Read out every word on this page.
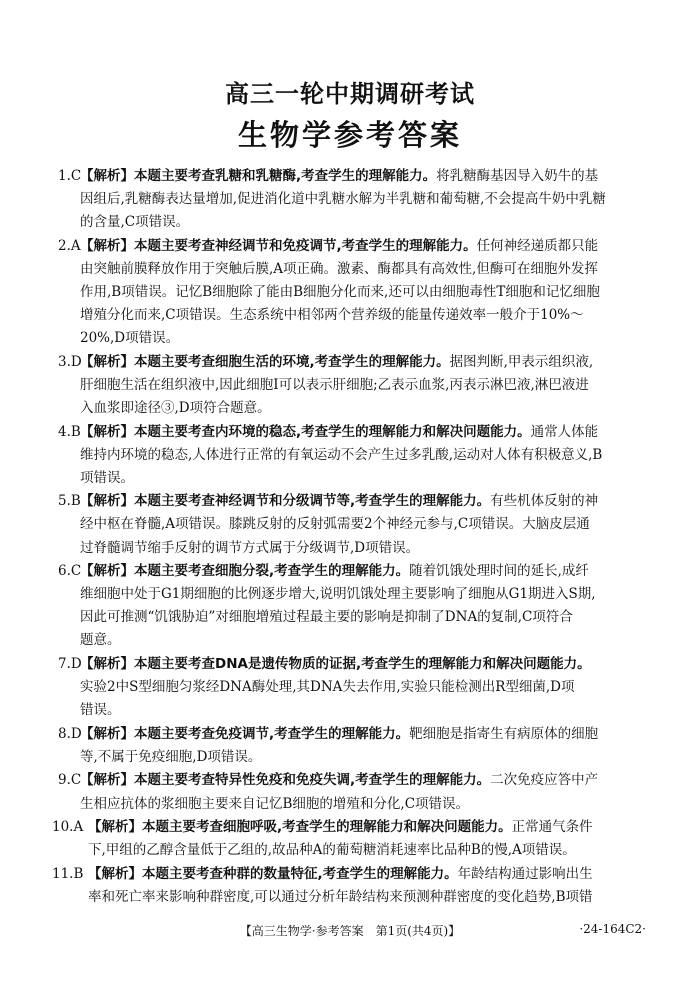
高三一轮中期调研考试
生物学参考答案
1.C
【解析】本题主要考查乳糖和乳糖酶,考查学生的理解能力。将乳糖酶基因导入奶牛的基
因组后,乳糖酶表达量增加,促进消化道中乳糖水解为半乳糖和葡萄糖,不会提高牛奶中乳糖
的含量,C项错误。
2.A 【解析】本题主要考查神经调节和免疫调节,考查学生的理解能力。任何神经递质都只能
由突触前膜释放作用于突触后膜,A项正确。激素、酶都具有高效性,但酶可在细胞外发挥
作用,B项错误。记忆B细胞除了能由B细胞分化而来,还可以由细胞毒性T细胞和记忆细胞
增殖分化而来,C项错误。生态系统中相邻两个营养级的能量传递效率一般介于10%～
20%,D项错误。
3.D
【解析】本题主要考查细胞生活的环境,考查学生的理解能力。据图判断,甲表示组织液,
肝细胞生活在组织液中,因此细胞Ⅰ可以表示肝细胞;乙表示血浆,丙表示淋巴液,淋巴液进
入血浆即途径③,D项符合题意。
4.B 【解析】本题主要考查内环境的稳态,考查学生的理解能力和解决问题能力。通常人体能
维持内环境的稳态,人体进行正常的有氧运动不会产生过多乳酸,运动对人体有积极意义,B
项错误。
5.B 【解析】本题主要考查神经调节和分级调节等,考查学生的理解能力。有些机体反射的神
经中枢在脊髓,A项错误。膝跳反射的反射弧需要2个神经元参与,C项错误。大脑皮层通
过脊髓调节缩手反射的调节方式属于分级调节,D项错误。
6.C
【解析】本题主要考查细胞分裂,考查学生的理解能力。随着饥饿处理时间的延长,成纤
维细胞中处于G1期细胞的比例逐步增大,说明饥饿处理主要影响了细胞从G1期进入S期,
因此可推测“饥饿胁迫”对细胞增殖过程最主要的影响是抑制了DNA的复制,C项符合
题意。
7.D
【解析】本题主要考查DNA是遗传物质的证据,考查学生的理解能力和解决问题能力。
实验2中S型细胞匀浆经DNA酶处理,其DNA失去作用,实验只能检测出R型细菌,D项
错误。
8.D
【解析】本题主要考查免疫调节,考查学生的理解能力。靶细胞是指寄生有病原体的细胞
等,不属于免疫细胞,D项错误。
9.C
【解析】本题主要考查特异性免疫和免疫失调,考查学生的理解能力。二次免疫应答中产
生相应抗体的浆细胞主要来自记忆B细胞的增殖和分化,C项错误。
10.A 【解析】本题主要考查细胞呼吸,考查学生的理解能力和解决问题能力。正常通气条件
下,甲组的乙醇含量低于乙组的,故品种A的葡萄糖消耗速率比品种B的慢,A项错误。
11.B 【解析】本题主要考查种群的数量特征,考查学生的理解能力。年龄结构通过影响出生
率和死亡率来影响种群密度,可以通过分析年龄结构来预测种群密度的变化趋势,B项错
【高三生物学·参考答案　第1页(共4页)】	·24-164C2·
